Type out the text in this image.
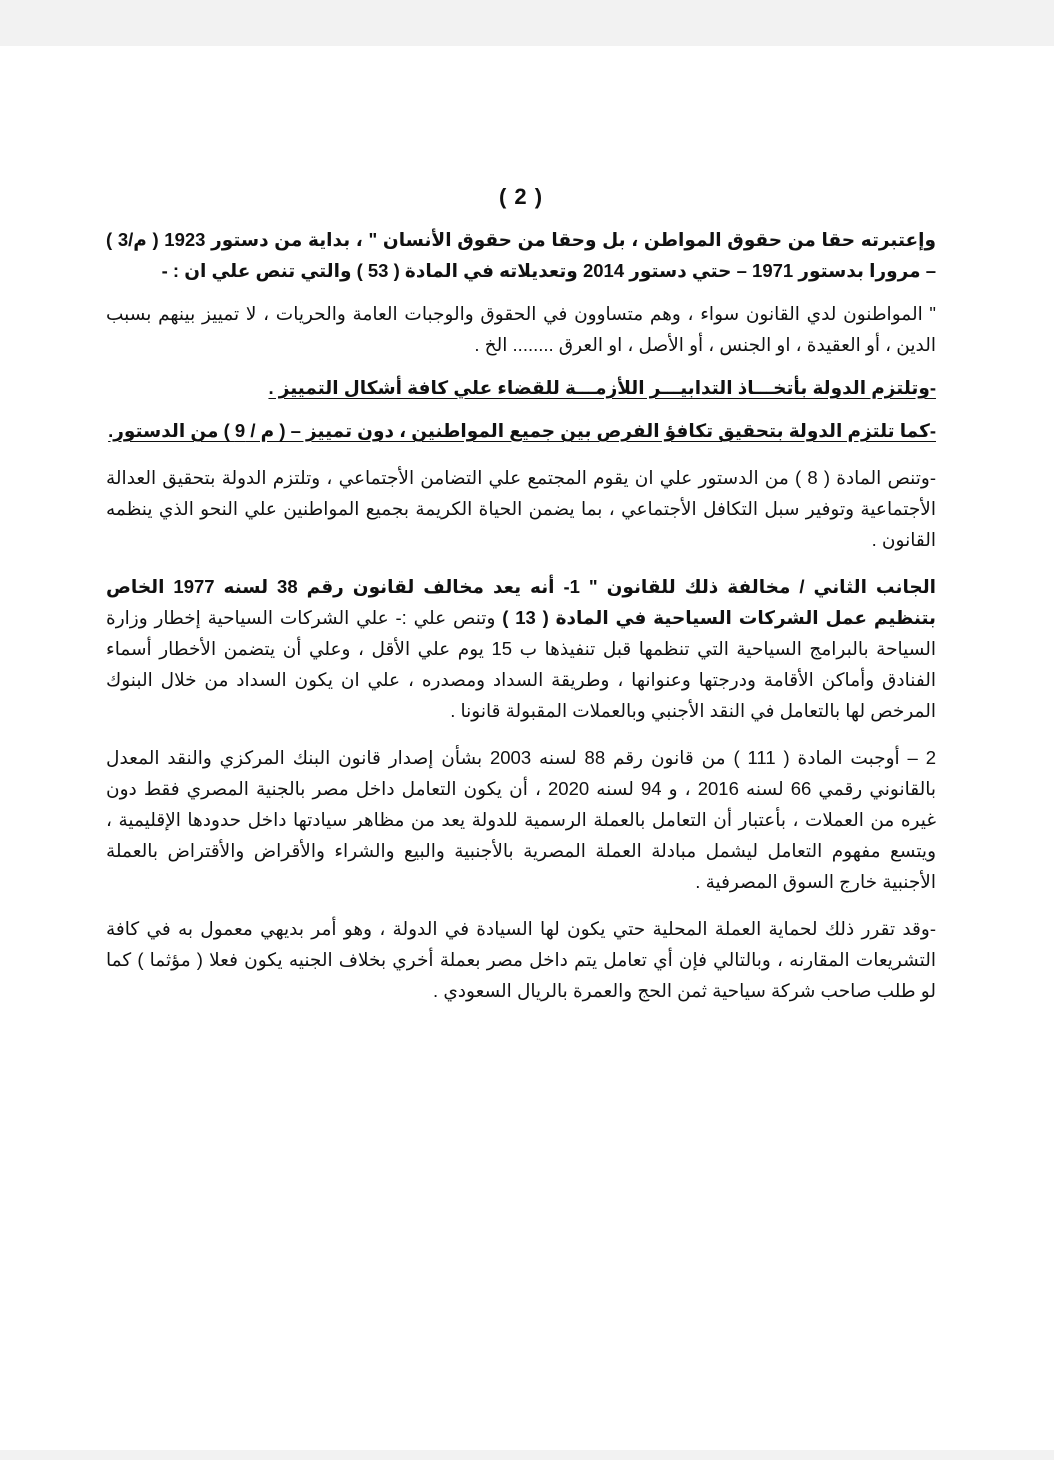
( 2 )

وإعتبرته حقا من حقوق المواطن ، بل وحقا من حقوق الأنسان " ، بداية من دستور 1923 ( م/3 ) – مرورا بدستور 1971 – حتي دستور 2014 وتعديلاته في المادة ( 53 ) والتي تنص علي ان : -

" المواطنون لدي القانون سواء ، وهم متساوون في الحقوق والوجبات العامة والحريات ، لا تمييز بينهم بسبب الدين ، أو العقيدة ، او الجنس ، أو الأصل ، او العرق ........ الخ .

-وتلتزم الدولة بأتخـــاذ التدابيـــر اللأزمـــة للقضاء علي كافة أشكال التمييز .

-كما تلتزم الدولة بتحقيق تكافؤ الفرص بين جميع المواطنين ، دون تمييز – ( م / 9 ) من الدستور.

-وتنص المادة ( 8 ) من الدستور علي ان يقوم المجتمع علي التضامن الأجتماعي ، وتلتزم الدولة بتحقيق العدالة الأجتماعية وتوفير سبل التكافل الأجتماعي ، بما يضمن الحياة الكريمة بجميع المواطنين علي النحو الذي ينظمه القانون .

الجانب الثاني / مخالفة ذلك للقانون " 1- أنه يعد مخالف لقانون رقم 38 لسنه 1977 الخاص بتنظيم عمل الشركات السياحية في المادة ( 13 ) وتنص علي :- علي الشركات السياحية إخطار وزارة السياحة بالبرامج السياحية التي تنظمها قبل تنفيذها ب 15 يوم علي الأقل ، وعلي أن يتضمن الأخطار أسماء الفنادق وأماكن الأقامة ودرجتها وعنوانها ، وطريقة السداد ومصدره ، علي ان يكون السداد من خلال البنوك المرخص لها بالتعامل في النقد الأجنبي وبالعملات المقبولة قانونا .

2 – أوجبت المادة ( 111 ) من قانون رقم 88 لسنه 2003 بشأن إصدار قانون البنك المركزي والنقد المعدل بالقانوني رقمي 66 لسنه 2016 ، و 94 لسنه 2020 ، أن يكون التعامل داخل مصر بالجنية المصري فقط دون غيره من العملات ، بأعتبار أن التعامل بالعملة الرسمية للدولة يعد من مظاهر سيادتها داخل حدودها الإقليمية ، ويتسع مفهوم التعامل ليشمل مبادلة العملة المصرية بالأجنبية والبيع والشراء والأقراض والأقتراض بالعملة الأجنبية خارج السوق المصرفية .

-وقد تقرر ذلك لحماية العملة المحلية حتي يكون لها السيادة في الدولة ، وهو أمر بديهي معمول به في كافة التشريعات المقارنه ، وبالتالي فإن أي تعامل يتم داخل مصر بعملة أخري بخلاف الجنيه يكون فعلا ( مؤثما ) كما لو طلب صاحب شركة سياحية ثمن الحج والعمرة بالريال السعودي .
